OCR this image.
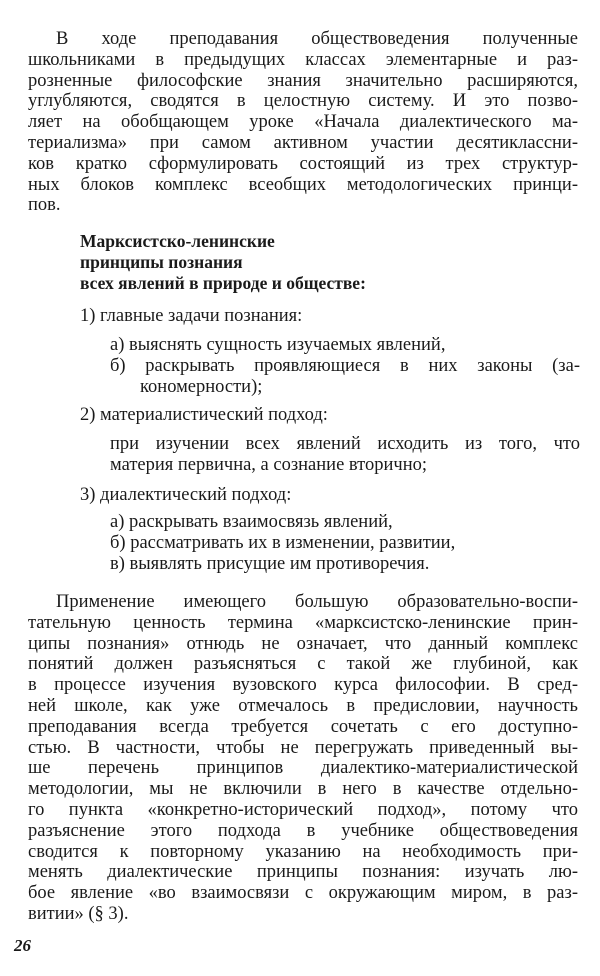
В ходе преподавания обществоведения полученные

школьниками в предыдущих классах элементарные и раз-

розненные философские знания значительно расширяются,

углубляются, сводятся в целостную систему. И это позво-

ляет на обобщающем уроке «Начала диалектического ма-

териализма» при самом активном участии десятиклассни-

ков кратко сформулировать состоящий из трех структур-

ных блоков комплекс всеобщих методологических принци-

пов.

Марксистско-ленинские

принципы познания

всех явлений в природе и обществе:

1) главные задачи познания:

а) выяснять сущность изучаемых явлений,

б) раскрывать проявляющиеся в них законы (за-

кономерности);

2) материалистический подход:

при изучении всех явлений исходить из того, что

материя первична, а сознание вторично;

3) диалектический подход:

а) раскрывать взаимосвязь явлений,

б) рассматривать их в изменении, развитии,

в) выявлять присущие им противоречия.

Применение имеющего большую образовательно-воспи-

тательную ценность термина «марксистско-ленинские прин-

ципы познания» отнюдь не означает, что данный комплекс

понятий должен разъясняться с такой же глубиной, как

в процессе изучения вузовского курса философии. В сред-

ней школе, как уже отмечалось в предисловии, научность

преподавания всегда требуется сочетать с его доступно-

стью. В частности, чтобы не перегружать приведенный вы-

ше перечень принципов диалектико-материалистической

методологии, мы не включили в него в качестве отдельно-

го пункта «конкретно-исторический подход», потому что

разъяснение этого подхода в учебнике обществоведения

сводится к повторному указанию на необходимость при-

менять диалектические принципы познания: изучать лю-

бое явление «во взаимосвязи с окружающим миром, в раз-

витии» (§ 3).

26
